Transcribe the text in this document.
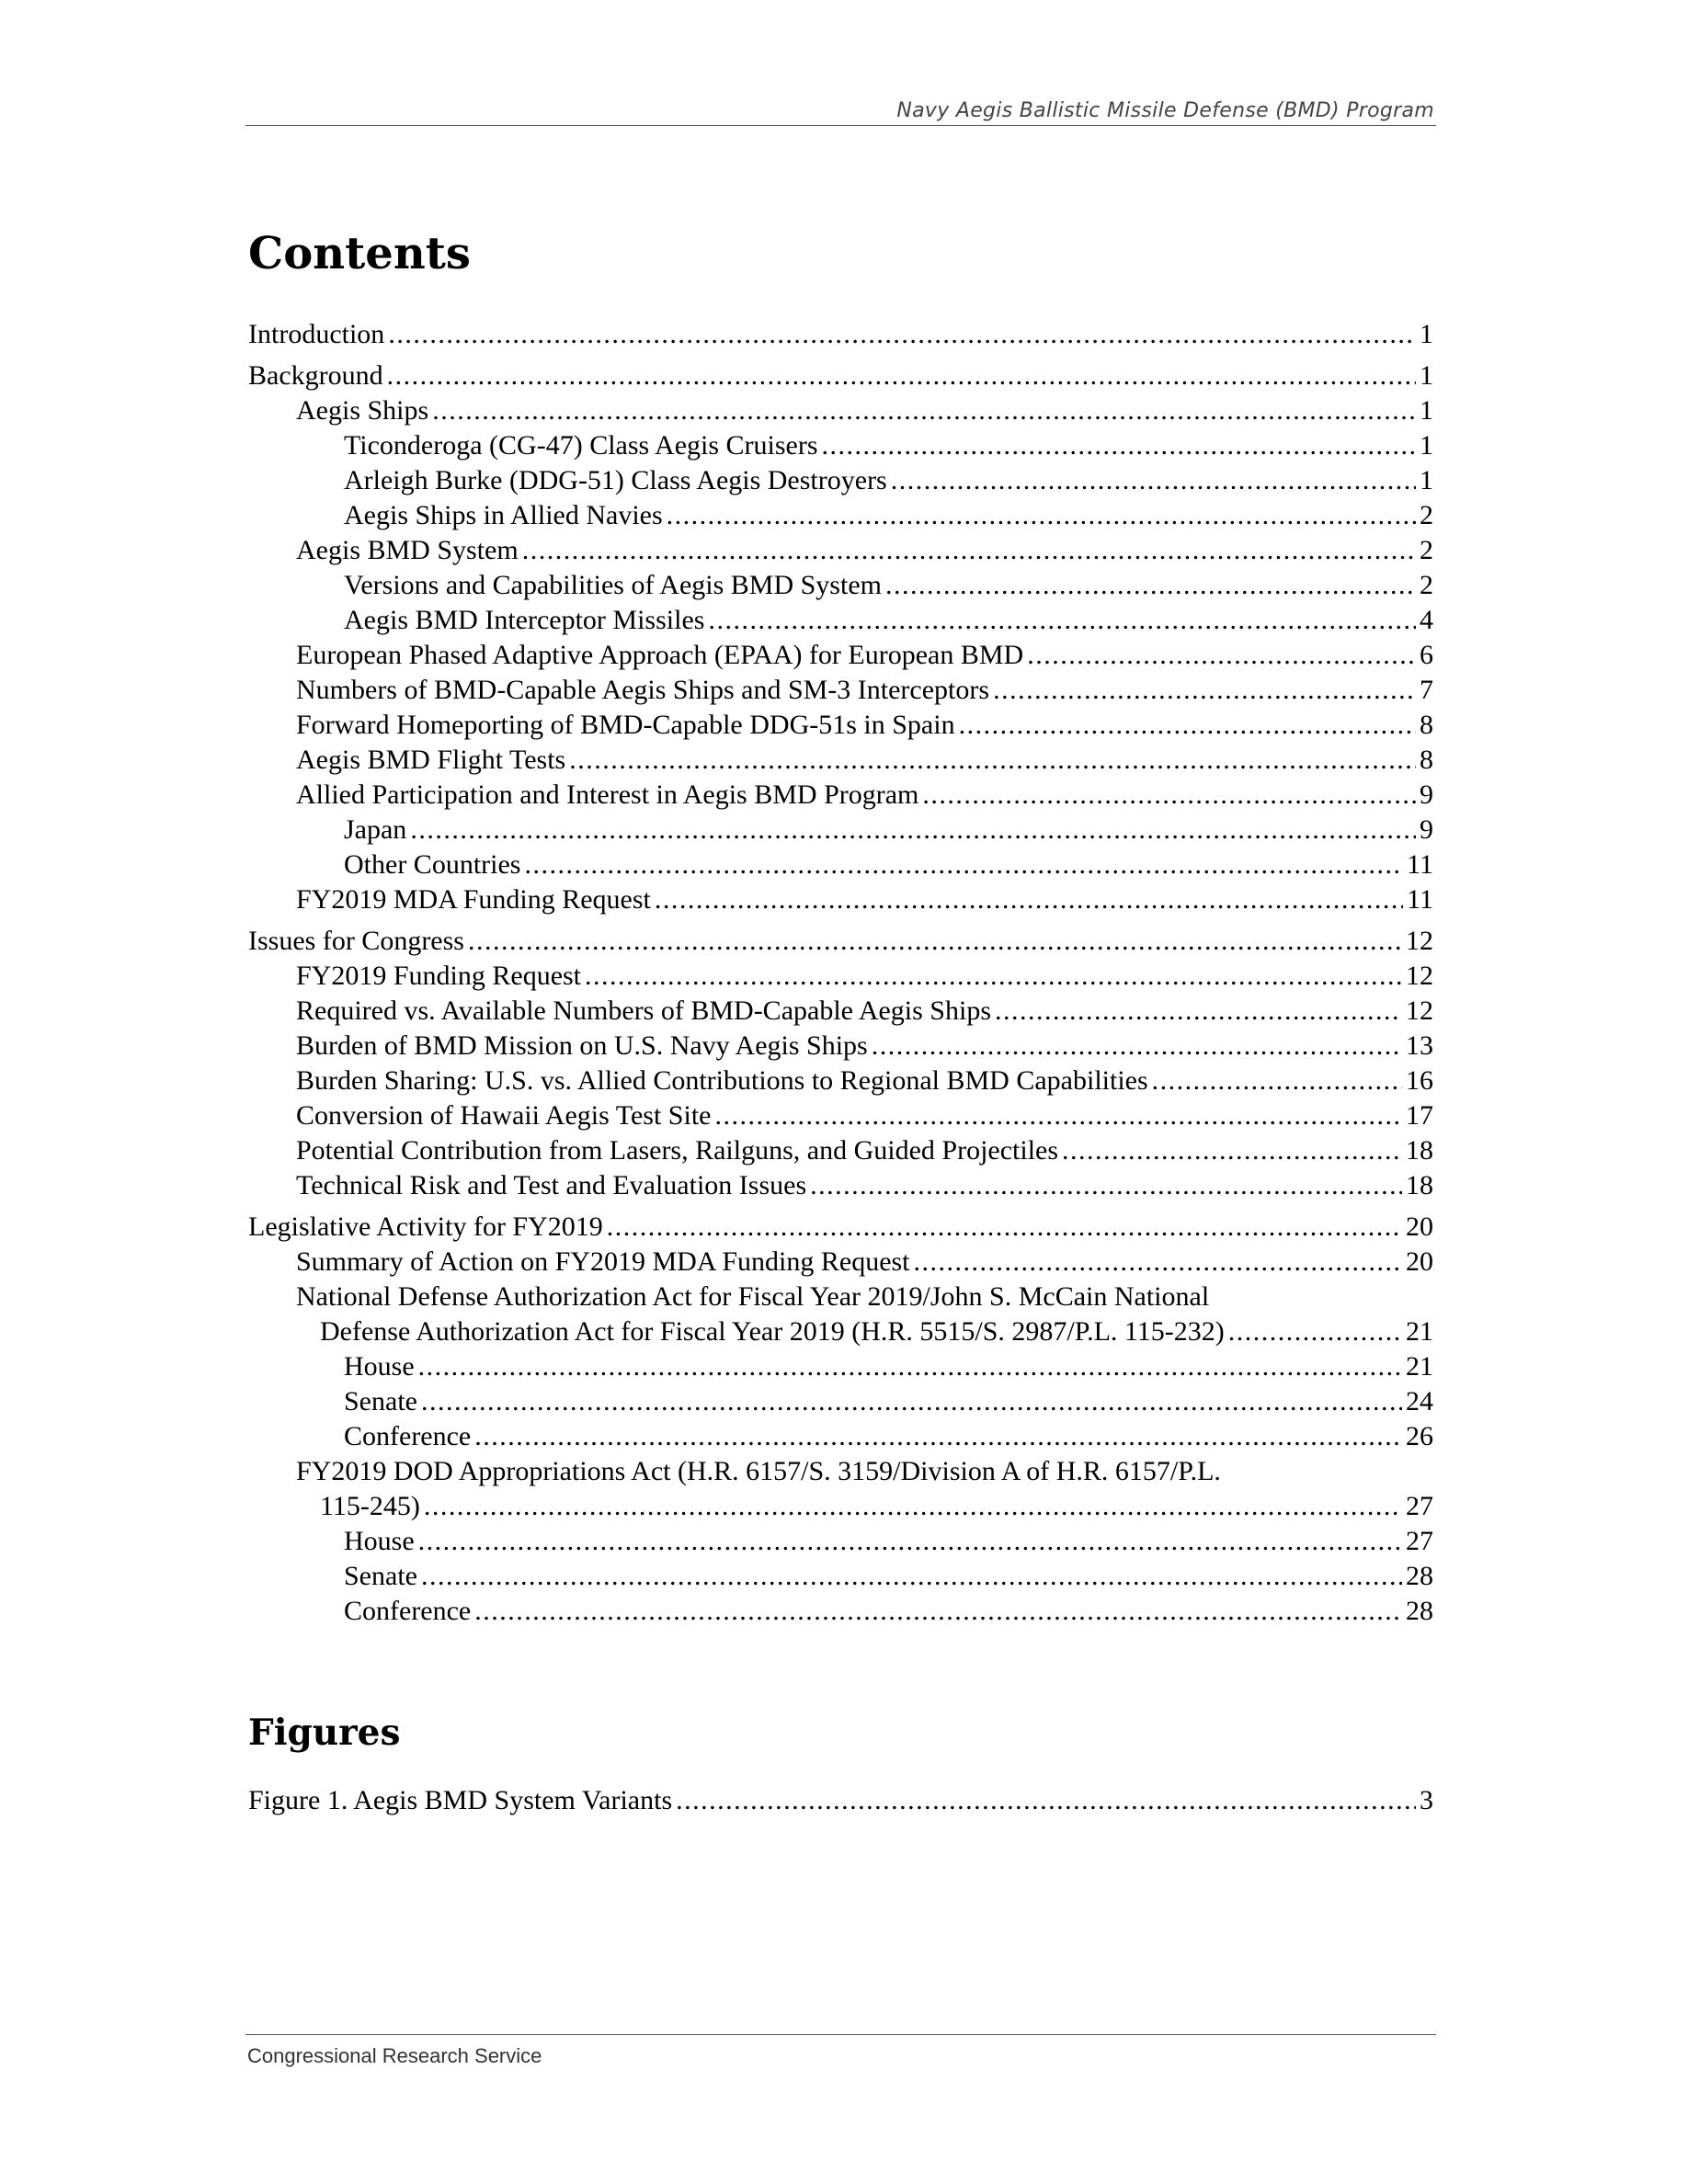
Navy Aegis Ballistic Missile Defense (BMD) Program
Contents
Introduction . . .	1
Background . . .	1
Aegis Ships . . .	1
Ticonderoga (CG-47) Class Aegis Cruisers . . .	1
Arleigh Burke (DDG-51) Class Aegis Destroyers . . .	1
Aegis Ships in Allied Navies . . .	2
Aegis BMD System . . .	2
Versions and Capabilities of Aegis BMD System . . .	2
Aegis BMD Interceptor Missiles . . .	4
European Phased Adaptive Approach (EPAA) for European BMD . . .	6
Numbers of BMD-Capable Aegis Ships and SM-3 Interceptors . . .	7
Forward Homeporting of BMD-Capable DDG-51s in Spain . . .	8
Aegis BMD Flight Tests . . .	8
Allied Participation and Interest in Aegis BMD Program . . .	9
Japan . . .	9
Other Countries . . .	11
FY2019 MDA Funding Request . . .	11
Issues for Congress . . .	12
FY2019 Funding Request . . .	12
Required vs. Available Numbers of BMD-Capable Aegis Ships . . .	12
Burden of BMD Mission on U.S. Navy Aegis Ships . . .	13
Burden Sharing: U.S. vs. Allied Contributions to Regional BMD Capabilities . . .	16
Conversion of Hawaii Aegis Test Site . . .	17
Potential Contribution from Lasers, Railguns, and Guided Projectiles . . .	18
Technical Risk and Test and Evaluation Issues . . .	18
Legislative Activity for FY2019 . . .	20
Summary of Action on FY2019 MDA Funding Request . . .	20
National Defense Authorization Act for Fiscal Year 2019/John S. McCain National
Defense Authorization Act for Fiscal Year 2019 (H.R. 5515/S. 2987/P.L. 115-232) . . .	21
House . . .	21
Senate . . .	24
Conference . . .	26
FY2019 DOD Appropriations Act (H.R. 6157/S. 3159/Division A of H.R. 6157/P.L.
115-245) . . .	27
House . . .	27
Senate . . .	28
Conference . . .	28
Figures
Figure 1. Aegis BMD System Variants . . .	3
Congressional Research Service
